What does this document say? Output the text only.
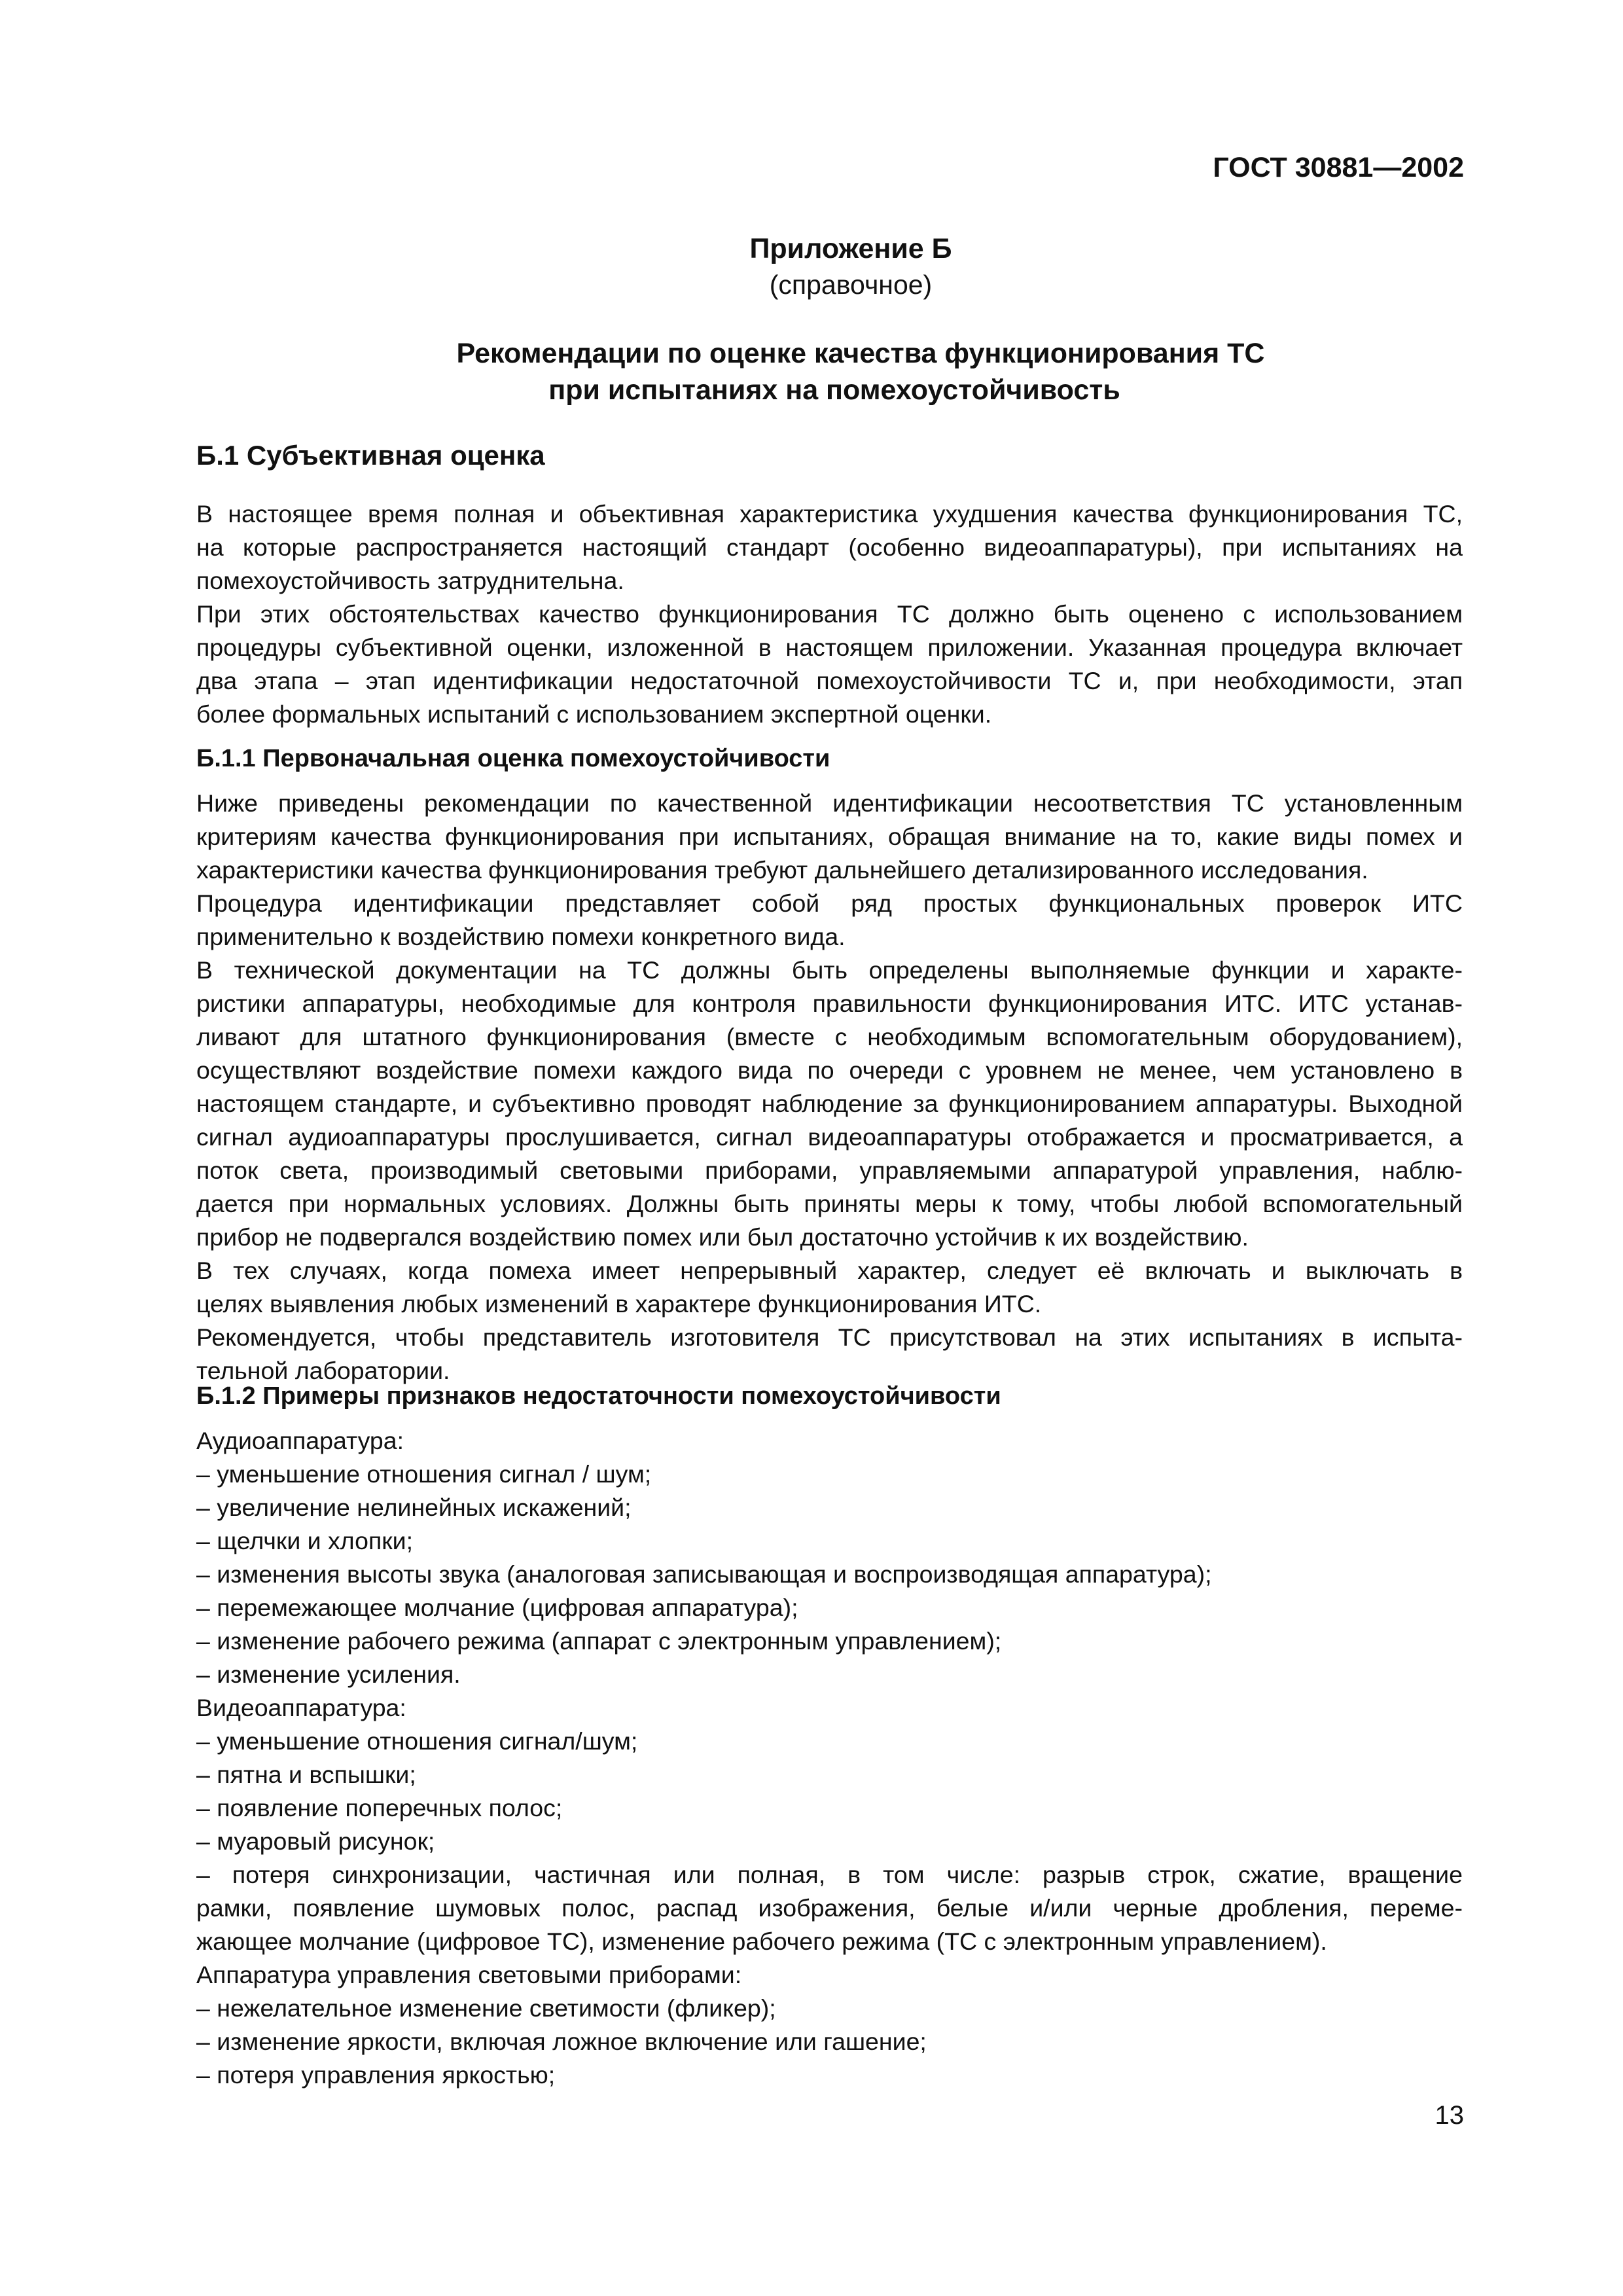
ГОСТ 30881—2002
Приложение Б
(справочное)
Рекомендации по оценке качества функционирования ТС
при испытаниях на помехоустойчивость
Б.1 Субъективная оценка
В настоящее время полная и объективная характеристика ухудшения качества функционирования ТС,
на которые распространяется настоящий стандарт (особенно видеоаппаратуры), при испытаниях на
помехоустойчивость затруднительна.
При этих обстоятельствах качество функционирования ТС должно быть оценено с использованием
процедуры субъективной оценки, изложенной в настоящем приложении. Указанная процедура включает
два этапа – этап идентификации недостаточной помехоустойчивости ТС и, при необходимости, этап
более формальных испытаний с использованием экспертной оценки.
Б.1.1 Первоначальная оценка помехоустойчивости
Ниже приведены рекомендации по качественной идентификации несоответствия ТС установленным
критериям качества функционирования при испытаниях, обращая внимание на то, какие виды помех и
характеристики качества функционирования требуют дальнейшего детализированного исследования.
Процедура идентификации представляет собой ряд простых функциональных проверок ИТС
применительно к воздействию помехи конкретного вида.
В технической документации на ТС должны быть определены выполняемые функции и характе-
ристики аппаратуры, необходимые для контроля правильности функционирования ИТС. ИТС устанав-
ливают для штатного функционирования (вместе с необходимым вспомогательным оборудованием),
осуществляют воздействие помехи каждого вида по очереди с уровнем не менее, чем установлено в
настоящем стандарте, и субъективно проводят наблюдение за функционированием аппаратуры. Выходной
сигнал аудиоаппаратуры прослушивается, сигнал видеоаппаратуры отображается и просматривается, а
поток света, производимый световыми приборами, управляемыми аппаратурой управления, наблю-
дается при нормальных условиях. Должны быть приняты меры к тому, чтобы любой вспомогательный
прибор не подвергался воздействию помех или был достаточно устойчив к их воздействию.
В тех случаях, когда помеха имеет непрерывный характер, следует её включать и выключать в
целях выявления любых изменений в характере функционирования ИТС.
Рекомендуется, чтобы представитель изготовителя ТС присутствовал на этих испытаниях в испыта-
тельной лаборатории.
Б.1.2 Примеры признаков недостаточности помехоустойчивости
Аудиоаппаратура:
– уменьшение отношения сигнал / шум;
– увеличение нелинейных искажений;
– щелчки и хлопки;
– изменения высоты звука (аналоговая записывающая и воспроизводящая аппаратура);
– перемежающее молчание (цифровая аппаратура);
– изменение рабочего режима (аппарат с электронным управлением);
– изменение усиления.
Видеоаппаратура:
– уменьшение отношения сигнал/шум;
– пятна и вспышки;
– появление поперечных полос;
– муаровый рисунок;
– потеря синхронизации, частичная или полная, в том числе: разрыв строк, сжатие, вращение
рамки, появление шумовых полос, распад изображения, белые и/или черные дробления, переме-
жающее молчание (цифровое ТС), изменение рабочего режима (ТС с электронным управлением).
Аппаратура управления световыми приборами:
– нежелательное изменение светимости (фликер);
– изменение яркости, включая ложное включение или гашение;
– потеря управления яркостью;
13
